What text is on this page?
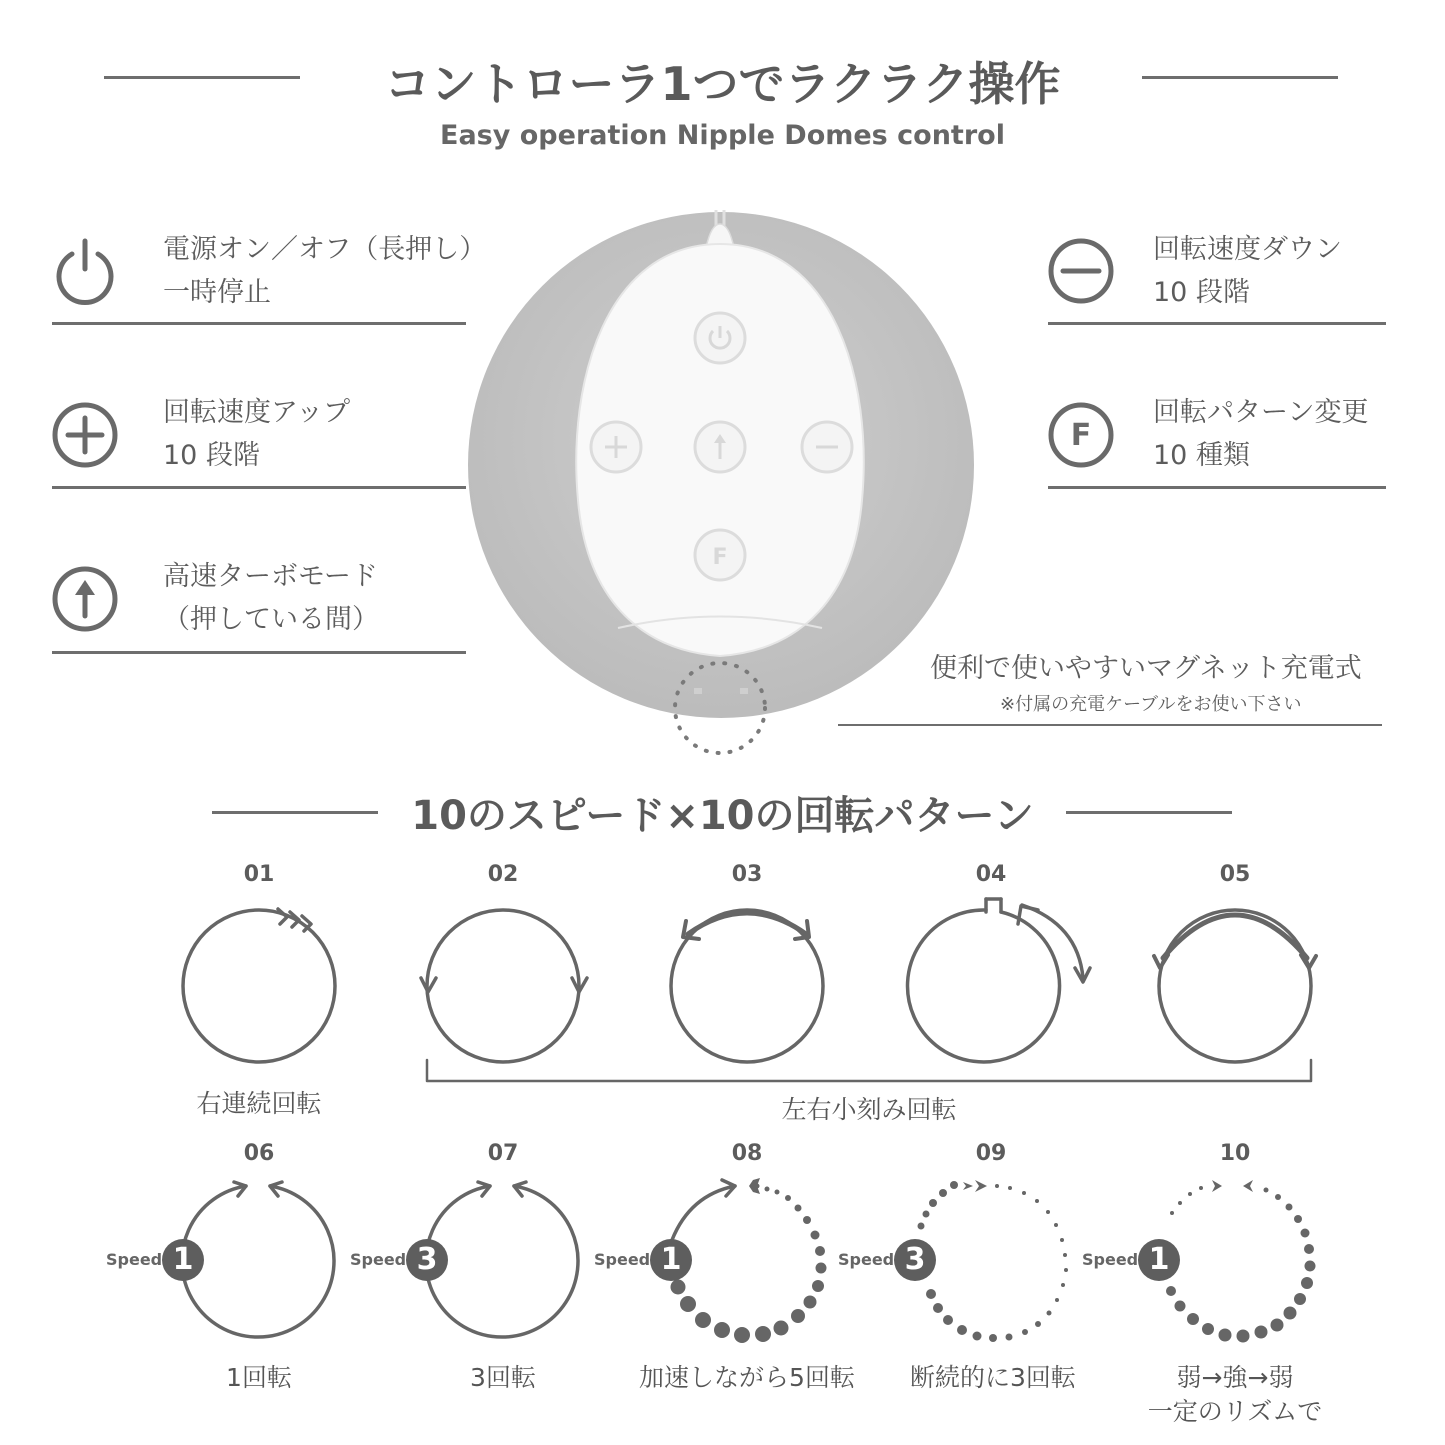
コントローラ1つでラクラク操作
Easy operation Nipple Domes control
電源オン／オフ（長押し）
一時停止
回転速度アップ
10 段階
高速ターボモード
（押している間）
回転速度ダウン
10 段階
F
回転パターン変更
10 種類
便利で使いやすいマグネット充電式
※付属の充電ケーブルをお使い下さい
F
10のスピード×10の回転パターン
01	02	03	04	05
右連続回転	左右小刻み回転
06	07	08	09	10
Speed 1	Speed 3	Speed 1	Speed 3	Speed 1
1回転	3回転	加速しながら5回転	断続的に3回転	弱→強→弱
一定のリズムで
